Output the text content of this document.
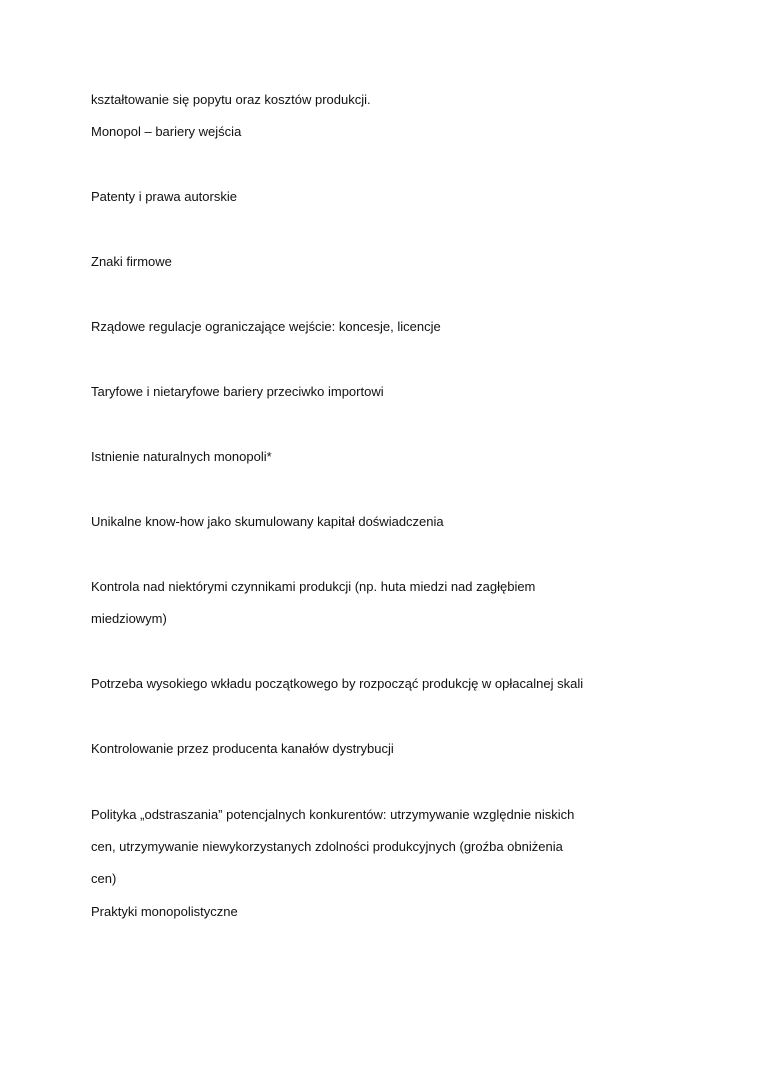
kształtowanie się popytu oraz kosztów produkcji.
Monopol – bariery wejścia
Patenty i prawa autorskie
Znaki firmowe
Rządowe regulacje ograniczające wejście: koncesje, licencje
Taryfowe i nietaryfowe bariery przeciwko importowi
Istnienie naturalnych monopoli*
Unikalne know-how jako skumulowany kapitał doświadczenia
Kontrola nad niektórymi czynnikami produkcji (np. huta miedzi nad zagłębiem
miedziowym)
Potrzeba wysokiego wkładu początkowego by rozpocząć produkcję w opłacalnej skali
Kontrolowanie przez producenta kanałów dystrybucji
Polityka „odstraszania” potencjalnych konkurentów: utrzymywanie względnie niskich
cen, utrzymywanie niewykorzystanych zdolności produkcyjnych (groźba obniżenia
cen)
Praktyki monopolistyczne
